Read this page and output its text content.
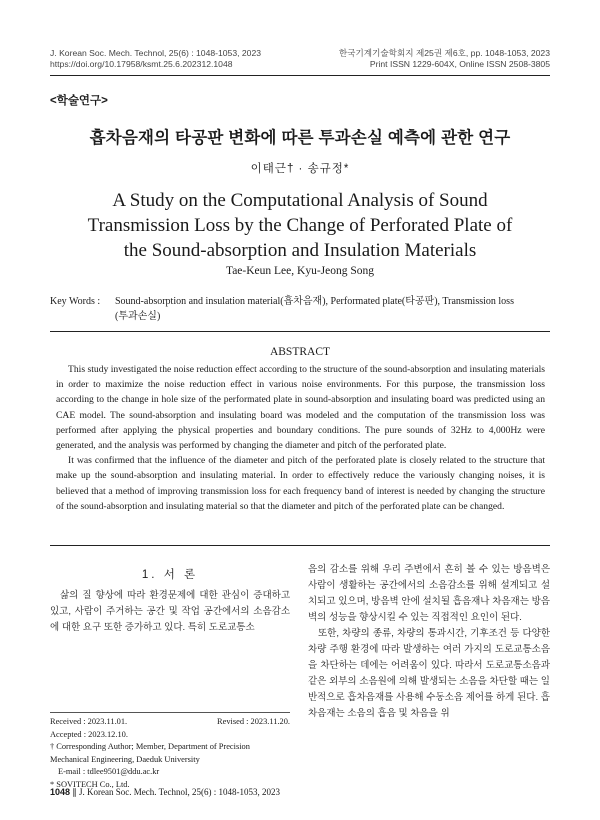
J. Korean Soc. Mech. Technol, 25(6) : 1048-1053, 2023
https://doi.org/10.17958/ksmt.25.6.202312.1048
한국기계기술학회지 제25권 제6호, pp. 1048-1053, 2023
Print ISSN 1229-604X, Online ISSN 2508-3805
<학술연구>
흡차음재의 타공판 변화에 따른 투과손실 예측에 관한 연구
이태근† · 송규정*
A Study on the Computational Analysis of Sound
Transmission Loss by the Change of Perforated Plate of
the Sound-absorption and Insulation Materials
Tae-Keun Lee, Kyu-Jeong Song
Key Words : Sound-absorption and insulation material(흡차음재), Performated plate(타공판), Transmission loss
(투과손실)
ABSTRACT

This study investigated the noise reduction effect according to the structure of the sound-absorption and insulating materials in order to maximize the noise reduction effect in various noise environments. For this purpose, the transmission loss according to the change in hole size of the performated plate in sound-absorption and insulating board was predicted using an CAE model. The sound-absorption and insulating board was modeled and the computation of the transmission loss was performed after applying the physical properties and boundary conditions. The pure sounds of 32Hz to 4,000Hz were generated, and the analysis was performed by changing the diameter and pitch of the perforated plate.

It was confirmed that the influence of the diameter and pitch of the perforated plate is closely related to the structure that make up the sound-absorption and insulating material. In order to effectively reduce the variously changing noises, it is believed that a method of improving transmission loss for each frequency band of interest is needed by changing the structure of the sound-absorption and insulating material so that the diameter and pitch of the perforated plate can be changed.

1. 서 론

삶의 질 향상에 따라 환경문제에 대한 관심이 증대하고 있고, 사람이 주거하는 공간 및 작업 공간에서의 소음감소에 대한 요구 또한 증가하고 있다. 특히 도로교통소

음의 감소를 위해 우리 주변에서 흔히 볼 수 있는 방음벽은 사람이 생활하는 공간에서의 소음감소를 위해 설계되고 설치되고 있으며, 방음벽 안에 설치될 흡음재나 차음재는 방음벽의 성능을 향상시킬 수 있는 직접적인 요인이 된다.

또한, 차량의 종류, 차량의 통과시간, 기후조건 등 다양한 차량 주행 환경에 따라 발생하는 여러 가지의 도로교통소음을 차단하는 데에는 어려움이 있다. 따라서 도로교통소음과 같은 외부의 소음원에 의해 발생되는 소음을 차단할 때는 일반적으로 흡차음재를 사용해 수동소음 제어를 하게 된다. 흡차음재는 소음의 흡음 및 차음을 위

Received : 2023.11.01.	Revised : 2023.11.20.
Accepted : 2023.12.10.
† Corresponding Author; Member, Department of Precision Mechanical Engineering, Daeduk University
E-mail : tdlee9501@ddu.ac.kr
* SOVITECH Co., Ltd.
1048 ∥ J. Korean Soc. Mech. Technol, 25(6) : 1048-1053, 2023
